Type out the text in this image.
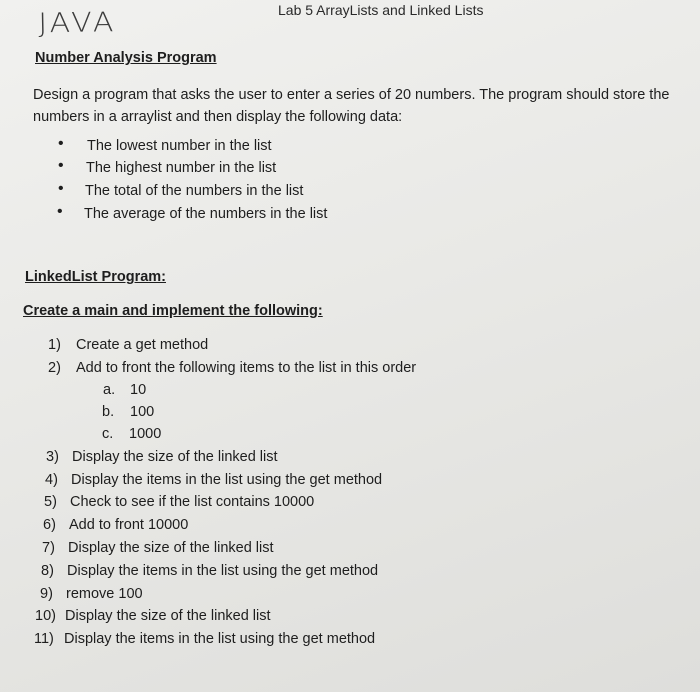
Lab 5 ArrayLists and Linked Lists
JAVA
Number Analysis Program
Design a program that asks the user to enter a series of 20 numbers. The program should store the numbers in a arraylist and then display the following data:
• The lowest number in the list
• The highest number in the list
• The total of the numbers in the list
• The average of the numbers in the list
LinkedList Program:
Create a main and implement the following:
1) Create a get method
2) Add to front the following items to the list in this order
a. 10
b. 100
c. 1000
3) Display the size of the linked list
4) Display the items in the list using the get method
5) Check to see if the list contains 10000
6) Add to front 10000
7) Display the size of the linked list
8) Display the items in the list using the get method
9) remove 100
10) Display the size of the linked list
11) Display the items in the list using the get method
